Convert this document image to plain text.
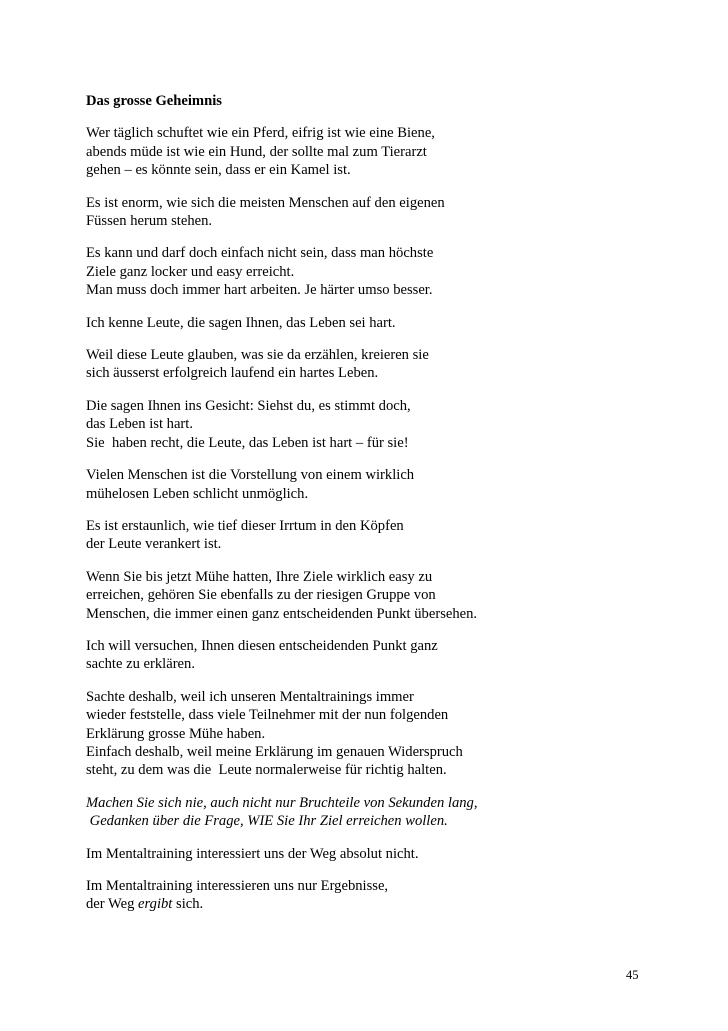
Das grosse Geheimnis
Wer täglich schuftet wie ein Pferd, eifrig ist wie eine Biene,
abends müde ist wie ein Hund, der sollte mal zum Tierarzt
gehen – es könnte sein, dass er ein Kamel ist.
Es ist enorm, wie sich die meisten Menschen auf den eigenen
Füssen herum stehen.
Es kann und darf doch einfach nicht sein, dass man höchste
Ziele ganz locker und easy erreicht.
Man muss doch immer hart arbeiten. Je härter umso besser.
Ich kenne Leute, die sagen Ihnen, das Leben sei hart.
Weil diese Leute glauben, was sie da erzählen, kreieren sie
sich äusserst erfolgreich laufend ein hartes Leben.
Die sagen Ihnen ins Gesicht: Siehst du, es stimmt doch,
das Leben ist hart.
Sie  haben recht, die Leute, das Leben ist hart – für sie!
Vielen Menschen ist die Vorstellung von einem wirklich
mühelosen Leben schlicht unmöglich.
Es ist erstaunlich, wie tief dieser Irrtum in den Köpfen
der Leute verankert ist.
Wenn Sie bis jetzt Mühe hatten, Ihre Ziele wirklich easy zu
erreichen, gehören Sie ebenfalls zu der riesigen Gruppe von
Menschen, die immer einen ganz entscheidenden Punkt übersehen.
Ich will versuchen, Ihnen diesen entscheidenden Punkt ganz
sachte zu erklären.
Sachte deshalb, weil ich unseren Mentaltrainings immer
wieder feststelle, dass viele Teilnehmer mit der nun folgenden
Erklärung grosse Mühe haben.
Einfach deshalb, weil meine Erklärung im genauen Widerspruch
steht, zu dem was die  Leute normalerweise für richtig halten.
Machen Sie sich nie, auch nicht nur Bruchteile von Sekunden lang,
Gedanken über die Frage, WIE Sie Ihr Ziel erreichen wollen.
Im Mentaltraining interessiert uns der Weg absolut nicht.
Im Mentaltraining interessieren uns nur Ergebnisse,
der Weg ergibt sich.
45
